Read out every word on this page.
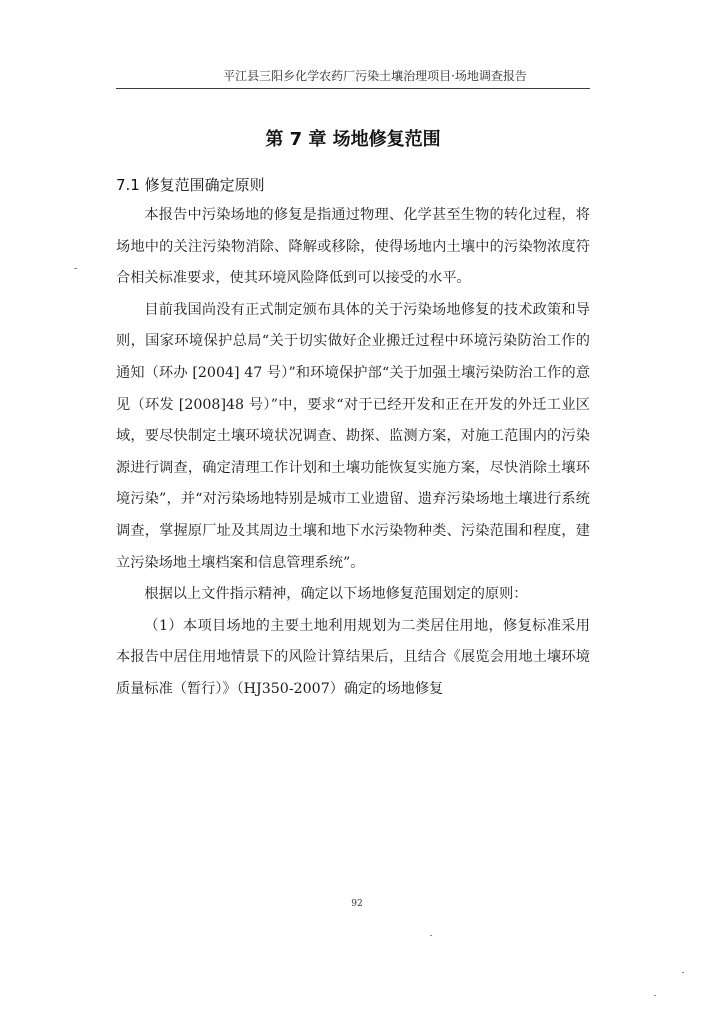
平江县三阳乡化学农药厂污染土壤治理项目·场地调查报告
第 7 章 场地修复范围
7.1 修复范围确定原则

本报告中污染场地的修复是指通过物理、化学甚至生物的转化过程，将场地中的关注污染物消除、降解或移除，使得场地内土壤中的污染物浓度符合相关标准要求，使其环境风险降低到可以接受的水平。

目前我国尚没有正式制定颁布具体的关于污染场地修复的技术政策和导则，国家环境保护总局“关于切实做好企业搬迁过程中环境污染防治工作的通知（环办 [2004] 47 号）”和环境保护部“关于加强土壤污染防治工作的意见（环发 [2008]48 号）”中，要求“对于已经开发和正在开发的外迁工业区域，要尽快制定土壤环境状况调查、勘探、监测方案，对施工范围内的污染源进行调查，确定清理工作计划和土壤功能恢复实施方案，尽快消除土壤环境污染”，并“对污染场地特别是城市工业遗留、遗弃污染场地土壤进行系统调查，掌握原厂址及其周边土壤和地下水污染物种类、污染范围和程度，建立污染场地土壤档案和信息管理系统”。

根据以上文件指示精神，确定以下场地修复范围划定的原则：

（1）本项目场地的主要土地利用规划为二类居住用地，修复标准采用本报告中居住用地情景下的风险计算结果后，且结合《展览会用地土壤环境质量标准（暂行）》（HJ350-2007）确定的场地修复

92
